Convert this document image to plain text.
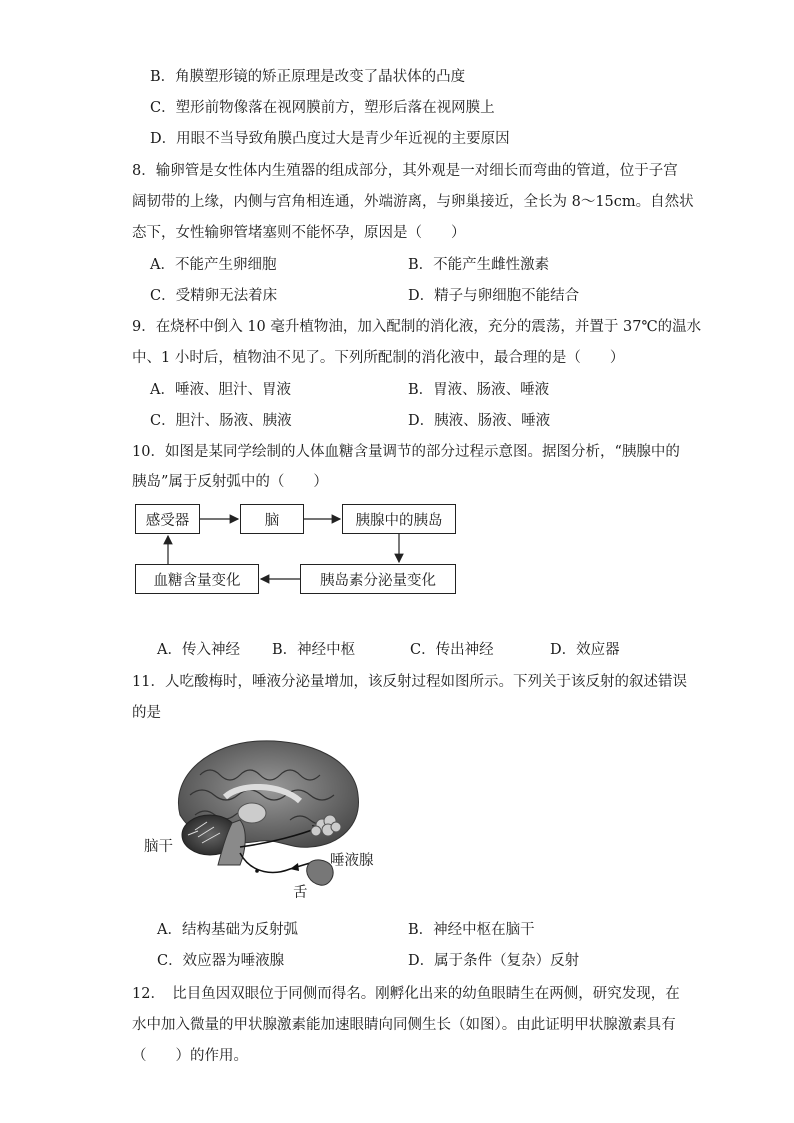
B．角膜塑形镜的矫正原理是改变了晶状体的凸度
C．塑形前物像落在视网膜前方，塑形后落在视网膜上
D．用眼不当导致角膜凸度过大是青少年近视的主要原因
8．输卵管是女性体内生殖器的组成部分，其外观是一对细长而弯曲的管道，位于子宫
阔韧带的上缘，内侧与宫角相连通，外端游离，与卵巢接近，全长为 8～15cm。自然状
态下，女性输卵管堵塞则不能怀孕，原因是（　　）
A．不能产生卵细胞	B．不能产生雌性激素
C．受精卵无法着床	D．精子与卵细胞不能结合
9．在烧杯中倒入 10 毫升植物油，加入配制的消化液，充分的震荡，并置于 37℃的温水
中、1 小时后，植物油不见了。下列所配制的消化液中，最合理的是（　　）
A．唾液、胆汁、胃液	B．胃液、肠液、唾液
C．胆汁、肠液、胰液	D．胰液、肠液、唾液
10．如图是某同学绘制的人体血糖含量调节的部分过程示意图。据图分析，“胰腺中的
胰岛”属于反射弧中的（　　）
感受器	脑	胰腺中的胰岛
胰岛素分泌量变化
血糖含量变化
A．传入神经 B．神经中枢	C．传出神经	D．效应器
11．人吃酸梅时，唾液分泌量增加，该反射过程如图所示。下列关于该反射的叙述错误
的是
脑干
唾液腺
舌
A．结构基础为反射弧	B．神经中枢在脑干
C．效应器为唾液腺	D．属于条件（复杂）反射
12．　比目鱼因双眼位于同侧而得名。刚孵化出来的幼鱼眼睛生在两侧，研究发现，在
水中加入微量的甲状腺激素能加速眼睛向同侧生长（如图）。由此证明甲状腺激素具有
（　　）的作用。
